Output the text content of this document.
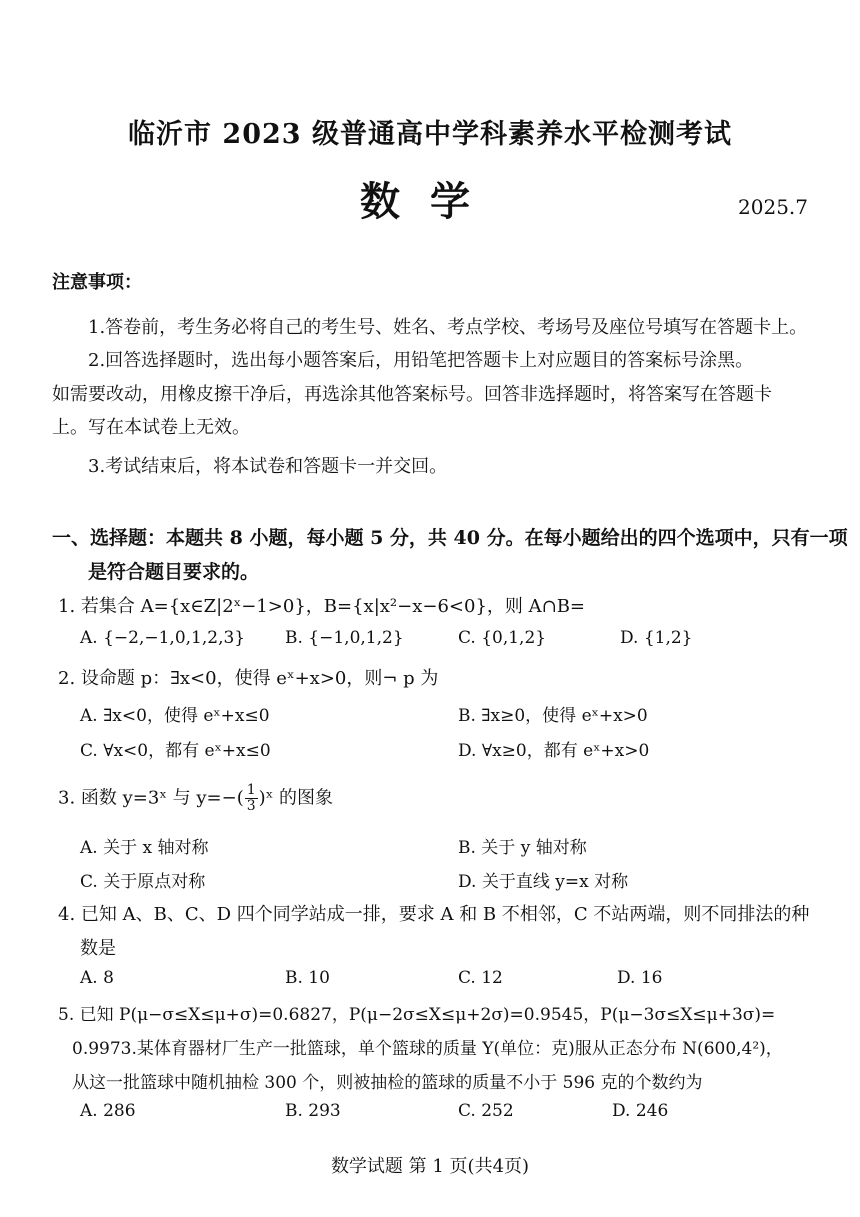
临沂市 2023 级普通高中学科素养水平检测考试
数学	2025.7
注意事项：
1.答卷前，考生务必将自己的考生号、姓名、考点学校、考场号及座位号填写在答题卡上。
2.回答选择题时，选出每小题答案后，用铅笔把答题卡上对应题目的答案标号涂黑。
如需要改动，用橡皮擦干净后，再选涂其他答案标号。回答非选择题时，将答案写在答题卡
上。写在本试卷上无效。
3.考试结束后，将本试卷和答题卡一并交回。
一、选择题：本题共 8 小题，每小题 5 分，共 40 分。在每小题给出的四个选项中，只有一项
是符合题目要求的。
1. 若集合 A={x∈Z|2ˣ−1>0}，B={x|x²−x−6<0}，则 A∩B=
A. {−2,−1,0,1,2,3} B. {−1,0,1,2}	C. {0,1,2}	D. {1,2}
2. 设命题 p：∃x<0，使得 eˣ+x>0，则¬ p 为
A. ∃x<0，使得 eˣ+x≤0	B. ∃x≥0，使得 eˣ+x>0
C. ∀x<0，都有 eˣ+x≤0	D. ∀x≥0，都有 eˣ+x>0
3. 函数 y=3ˣ 与 $y=-( \frac{1}{3}$ )ˣ 的图象
A. 关于 x 轴对称	B. 关于 y 轴对称
C. 关于原点对称	D. 关于直线 y=x 对称
4. 已知 A、B、C、D 四个同学站成一排，要求 A 和 B 不相邻，C 不站两端，则不同排法的种
数是
A. 8	B. 10	C. 12	D. 16
5. 已知 P(μ−σ≤X≤μ+σ)=0.6827，P(μ−2σ≤X≤μ+2σ)=0.9545，P(μ−3σ≤X≤μ+3σ)=
0.9973.某体育器材厂生产一批篮球，单个篮球的质量 Y(单位：克)服从正态分布 N(600,4²)，
从这一批篮球中随机抽检 300 个，则被抽检的篮球的质量不小于 596 克的个数约为
A. 286	B. 293	C. 252	D. 246
数学试题 第 1 页(共4页)
